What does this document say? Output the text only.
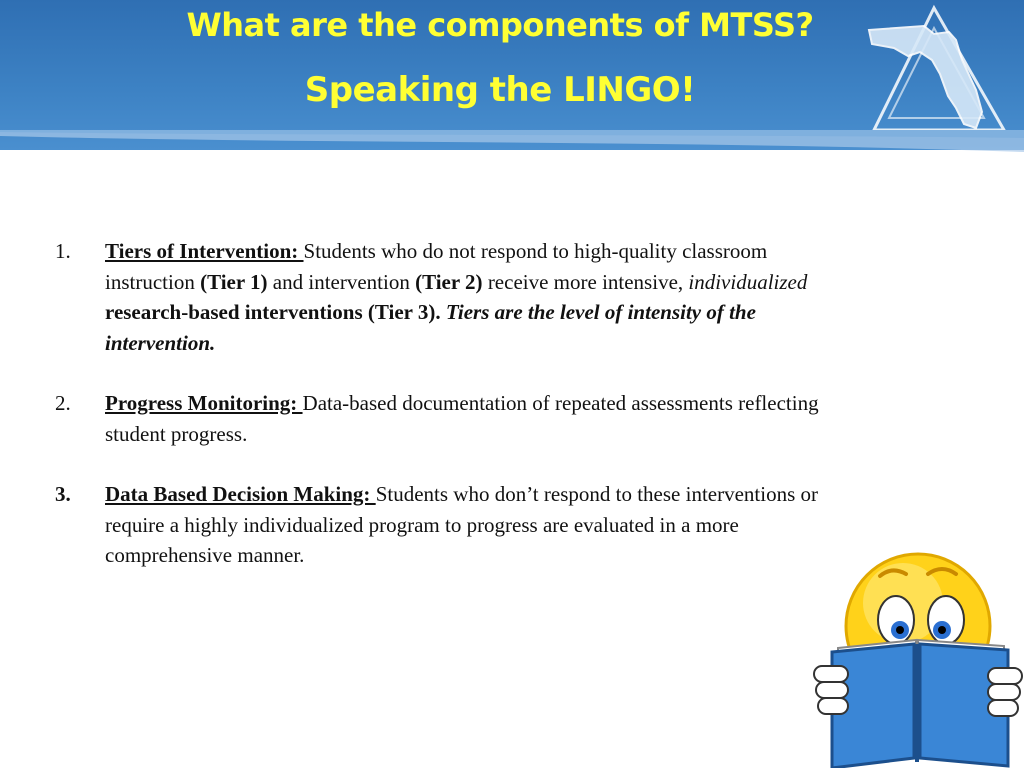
What are the components of MTSS?
Speaking the LINGO!
1.	Tiers of Intervention: Students who do not respond to high-quality classroom instruction (Tier 1) and intervention (Tier 2) receive more intensive, individualized research-based interventions (Tier 3). Tiers are the level of intensity of the intervention.
2.	Progress Monitoring: Data-based documentation of repeated assessments reflecting student progress.
3.	Data Based Decision Making: Students who don’t respond to these interventions or require a highly individualized program to progress are evaluated in a more comprehensive manner.
